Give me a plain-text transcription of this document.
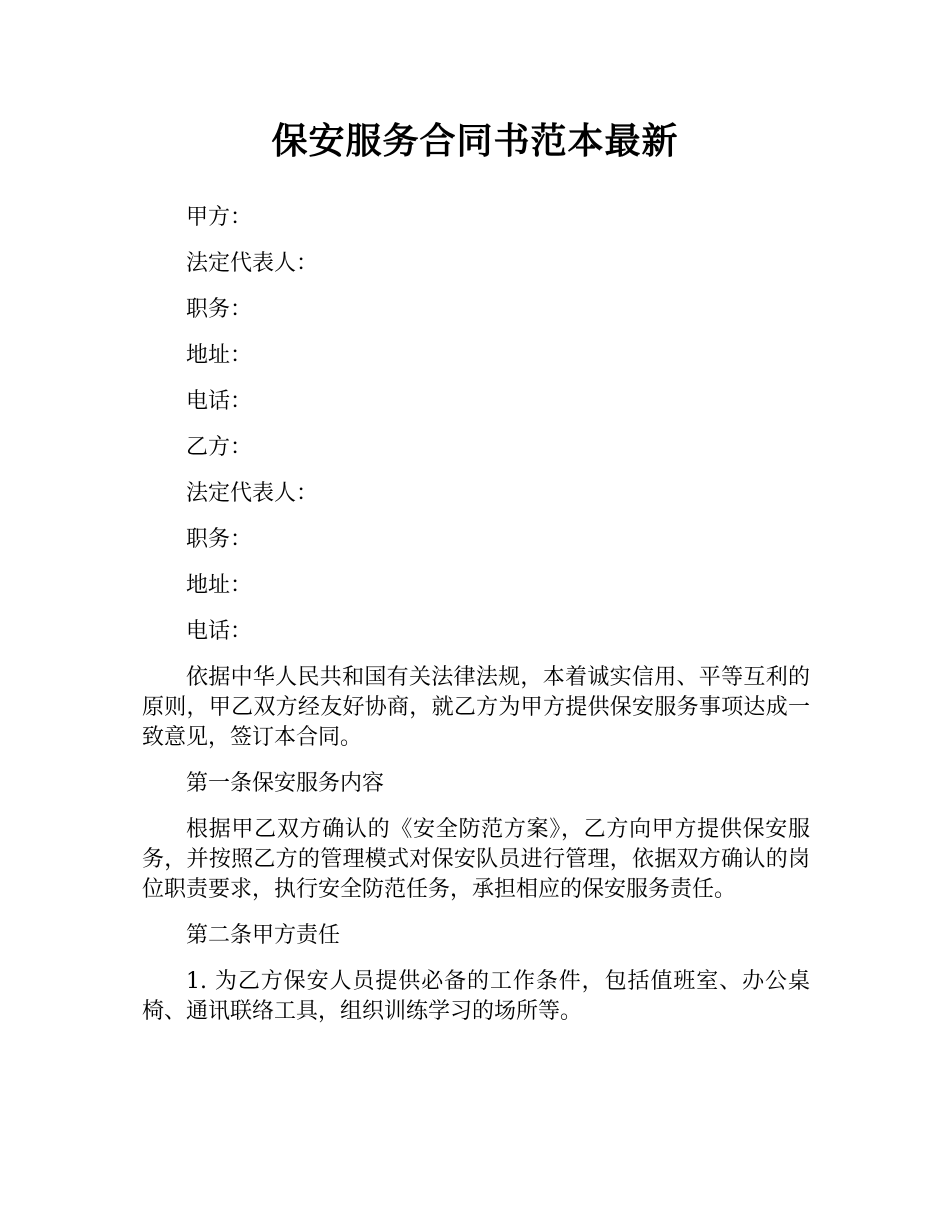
保安服务合同书范本最新

甲方：

法定代表人：

职务：

地址：

电话：

乙方：

法定代表人：

职务：

地址：

电话：

依据中华人民共和国有关法律法规，本着诚实信用、平等互利的原则，甲乙双方经友好协商，就乙方为甲方提供保安服务事项达成一致意见，签订本合同。

第一条保安服务内容

根据甲乙双方确认的《安全防范方案》，乙方向甲方提供保安服务，并按照乙方的管理模式对保安队员进行管理，依据双方确认的岗位职责要求，执行安全防范任务，承担相应的保安服务责任。

第二条甲方责任

1. 为乙方保安人员提供必备的工作条件，包括值班室、办公桌椅、通讯联络工具，组织训练学习的场所等。
